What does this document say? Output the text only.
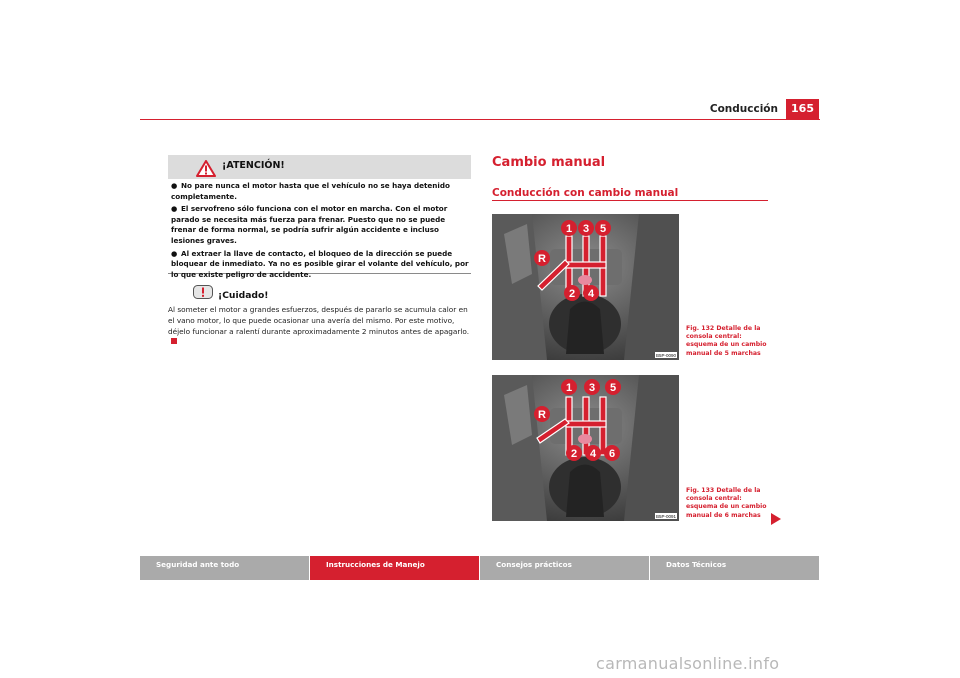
Conducción	165
¡ATENCIÓN!

● No pare nunca el motor hasta que el vehículo no se haya detenido completamente.

● El servofreno sólo funciona con el motor en marcha. Con el motor parado se necesita más fuerza para frenar. Puesto que no se puede frenar de forma normal, se podría sufrir algún accidente e incluso lesiones graves.

● Al extraer la llave de contacto, el bloqueo de la dirección se puede bloquear de inmediato. Ya no es posible girar el volante del vehículo, por lo que existe peligro de accidente.

¡Cuidado!
Al someter el motor a grandes esfuerzos, después de pararlo se acumula calor en el vano motor, lo que puede ocasionar una avería del mismo. Por este motivo, déjelo funcionar a ralentí durante aproximadamente 2 minutos antes de apagarlo.
Cambio manual
Conducción con cambio manual
1 3 5
R
2 4
B5P-0090
Fig. 132 Detalle de la consola central: esquema de un cambio manual de 5 marchas
1 3 5
R
2 4 6
B5P-0091
Fig. 133 Detalle de la consola central: esquema de un cambio manual de 6 marchas
Seguridad ante todo	Instrucciones de Manejo	Consejos prácticos	Datos Técnicos
carmanualsonline.info
